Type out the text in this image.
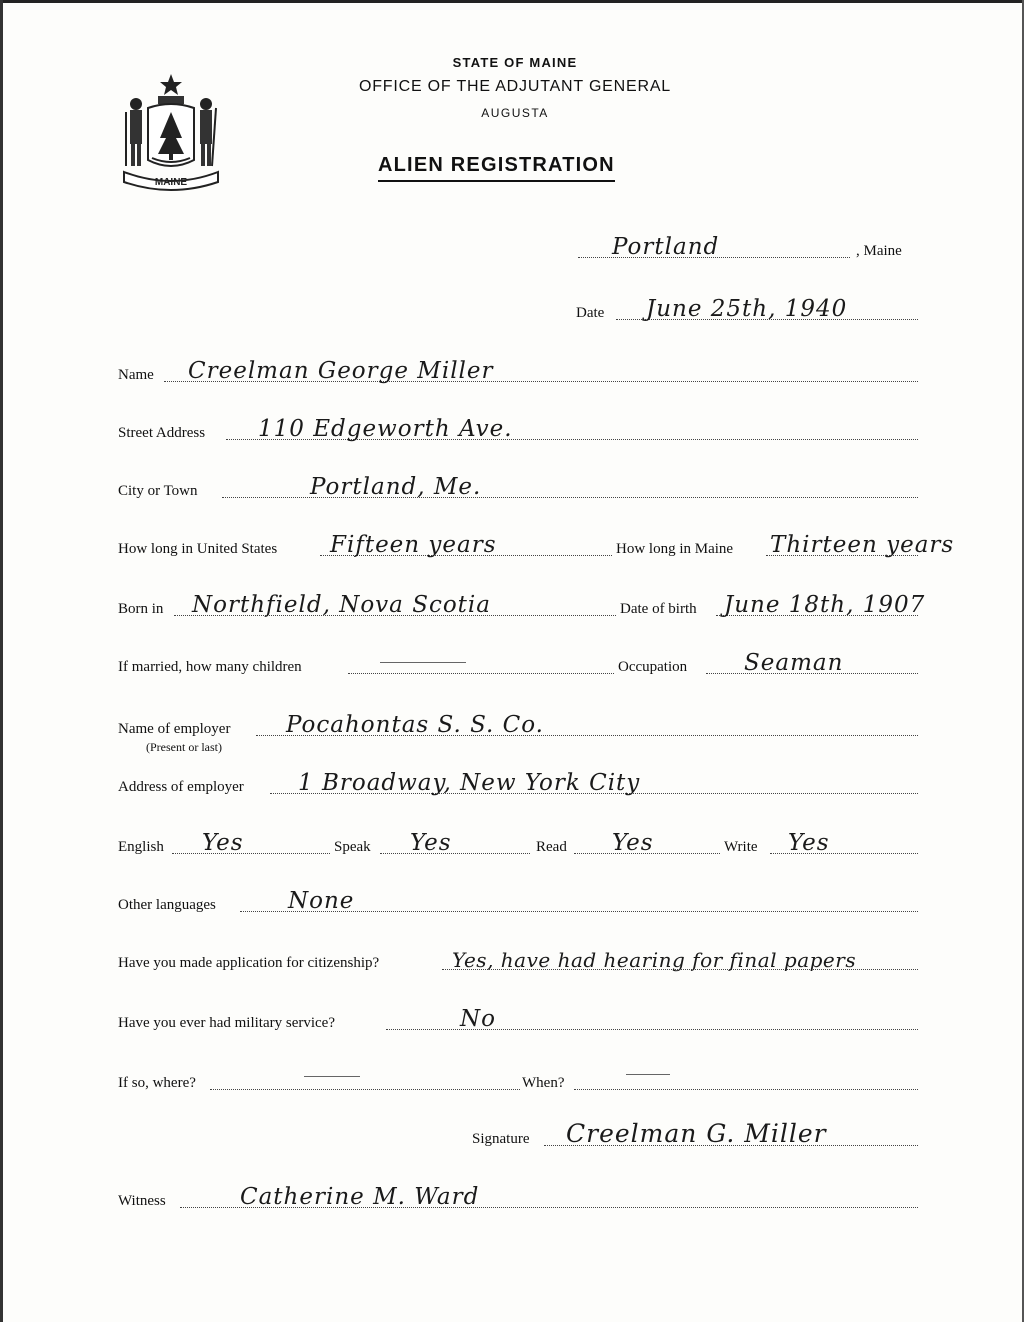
MAINE
STATE OF MAINE
OFFICE OF THE ADJUTANT GENERAL
AUGUSTA
ALIEN REGISTRATION
Portland	, Maine
Date June 25th, 1940
Name Creelman George Miller
Street Address 110 Edgeworth Ave.
City or Town	Portland, Me.
How long in United States Fifteen years	How long in Maine Thirteen years
Born in Northfield, Nova Scotia	Date of birth June 18th, 1907
If married, how many children	Occupation Seaman
Name of employer
(Present or last)
Pocahontas S. S. Co.
Address of employer 1 Broadway, New York City
English Yes	Speak Yes	Read Yes	Write Yes
Other languages	None
Have you made application for citizenship?	Yes, have had hearing for final papers
Have you ever had military service?	No
If so, where?	When?
Signature Creelman G. Miller
Witness	Catherine M. Ward
